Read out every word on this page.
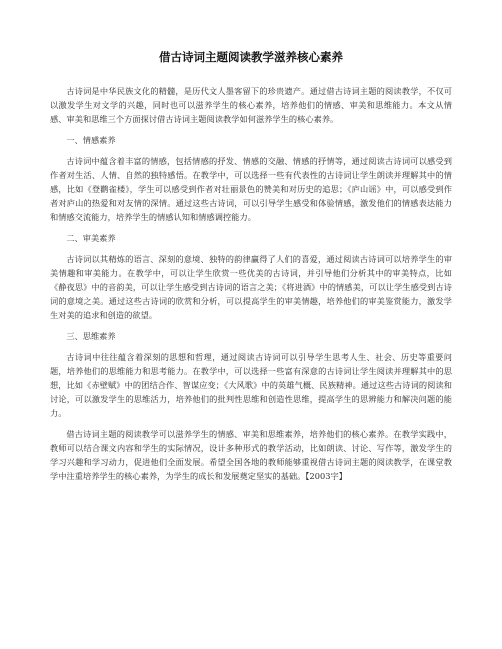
借古诗词主题阅读教学滋养核心素养

古诗词是中华民族文化的精髓，是历代文人墨客留下的珍贵遗产。通过借古诗词主题的阅读教学，不仅可以激发学生对文学的兴趣，同时也可以滋养学生的核心素养，培养他们的情感、审美和思维能力。本文从情感、审美和思维三个方面探讨借古诗词主题阅读教学如何滋养学生的核心素养。

一、情感素养

古诗词中蕴含着丰富的情感，包括情感的抒发、情感的交融、情感的抒情等，通过阅读古诗词可以感受到作者对生活、人情、自然的独特感悟。在教学中，可以选择一些有代表性的古诗词让学生朗读并理解其中的情感，比如《登鹳雀楼》，学生可以感受到作者对壮丽景色的赞美和对历史的追思；《庐山谣》中，可以感受到作者对庐山的热爱和对友情的深情。通过这些古诗词，可以引导学生感受和体验情感，激发他们的情感表达能力和情感交流能力，培养学生的情感认知和情感调控能力。

二、审美素养

古诗词以其精炼的语言、深刻的意境、独特的韵律赢得了人们的喜爱，通过阅读古诗词可以培养学生的审美情趣和审美能力。在教学中，可以让学生欣赏一些优美的古诗词，并引导他们分析其中的审美特点，比如《静夜思》中的音韵美，可以让学生感受到古诗词的语言之美；《将进酒》中的情感美，可以让学生感受到古诗词的意境之美。通过这些古诗词的欣赏和分析，可以提高学生的审美情趣，培养他们的审美鉴赏能力，激发学生对美的追求和创造的欲望。

三、思维素养

古诗词中往往蕴含着深刻的思想和哲理，通过阅读古诗词可以引导学生思考人生、社会、历史等重要问题，培养他们的思维能力和思考能力。在教学中，可以选择一些富有深意的古诗词让学生阅读并理解其中的思想，比如《赤壁赋》中的团结合作、智谋应变；《大风歌》中的英雄气概、民族精神。通过这些古诗词的阅读和讨论，可以激发学生的思维活力，培养他们的批判性思维和创造性思维，提高学生的思辨能力和解决问题的能力。

借古诗词主题的阅读教学可以滋养学生的情感、审美和思维素养，培养他们的核心素养。在教学实践中，教师可以结合课文内容和学生的实际情况，设计多种形式的教学活动，比如朗读、讨论、写作等，激发学生的学习兴趣和学习动力，促进他们全面发展。希望全国各地的教师能够重视借古诗词主题的阅读教学，在课堂教学中注重培养学生的核心素养，为学生的成长和发展奠定坚实的基础。【2003字】
